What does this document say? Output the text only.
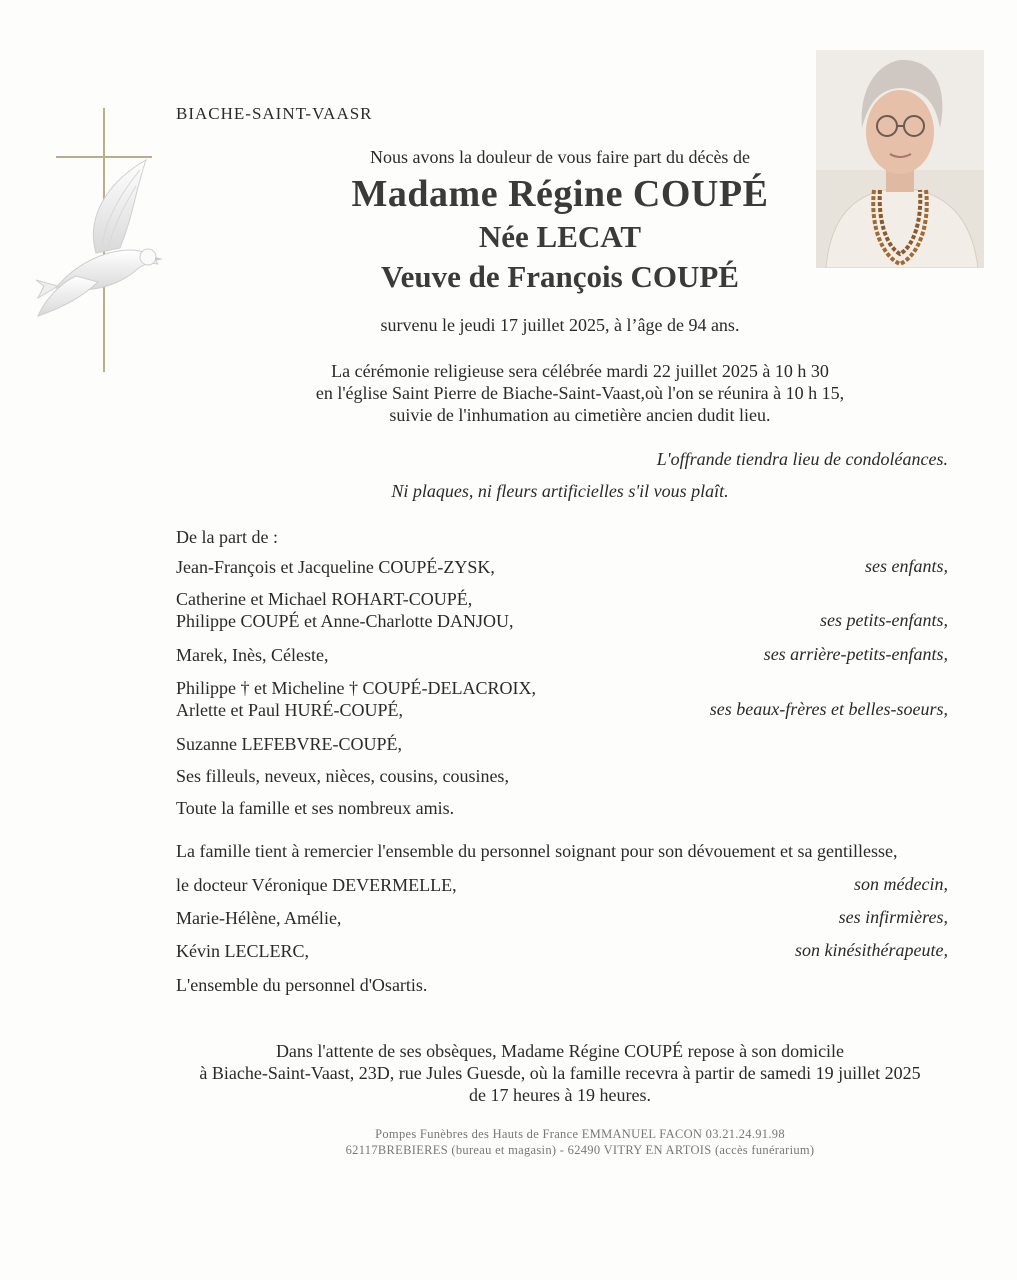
BIACHE-SAINT-VAASR
Nous avons la douleur de vous faire part du décès de
Madame Régine COUPÉ
Née LECAT
Veuve de François COUPÉ
survenu le jeudi 17 juillet 2025, à l’âge de 94 ans.
La cérémonie religieuse sera célébrée mardi 22 juillet 2025 à 10 h 30
en l'église Saint Pierre de Biache-Saint-Vaast,où l'on se réunira à 10 h 15,
suivie de l'inhumation au cimetière ancien dudit lieu.
L'offrande tiendra lieu de condoléances.
Ni plaques, ni fleurs artificielles s'il vous plaît.
De la part de :
Jean-François et Jacqueline COUPÉ-ZYSK,	ses enfants,
Catherine et Michael ROHART-COUPÉ,
Philippe COUPÉ et Anne-Charlotte DANJOU,	ses petits-enfants,
Marek, Inès, Céleste,	ses arrière-petits-enfants,
Philippe † et Micheline † COUPÉ-DELACROIX,
Arlette et Paul HURÉ-COUPÉ,	ses beaux-frères et belles-soeurs,
Suzanne LEFEBVRE-COUPÉ,
Ses filleuls, neveux, nièces, cousins, cousines,
Toute la famille et ses nombreux amis.
La famille tient à remercier l'ensemble du personnel soignant pour son dévouement et sa gentillesse,
le docteur Véronique DEVERMELLE,	son médecin,
Marie-Hélène, Amélie,	ses infirmières,
Kévin LECLERC,	son kinésithérapeute,
L'ensemble du personnel d'Osartis.
Dans l'attente de ses obsèques, Madame Régine COUPÉ repose à son domicile
à Biache-Saint-Vaast, 23D, rue Jules Guesde, où la famille recevra à partir de samedi 19 juillet 2025
de 17 heures à 19 heures.
Pompes Funèbres des Hauts de France EMMANUEL FACON 03.21.24.91.98
62117BREBIERES (bureau et magasin) - 62490 VITRY EN ARTOIS (accès funérarium)
